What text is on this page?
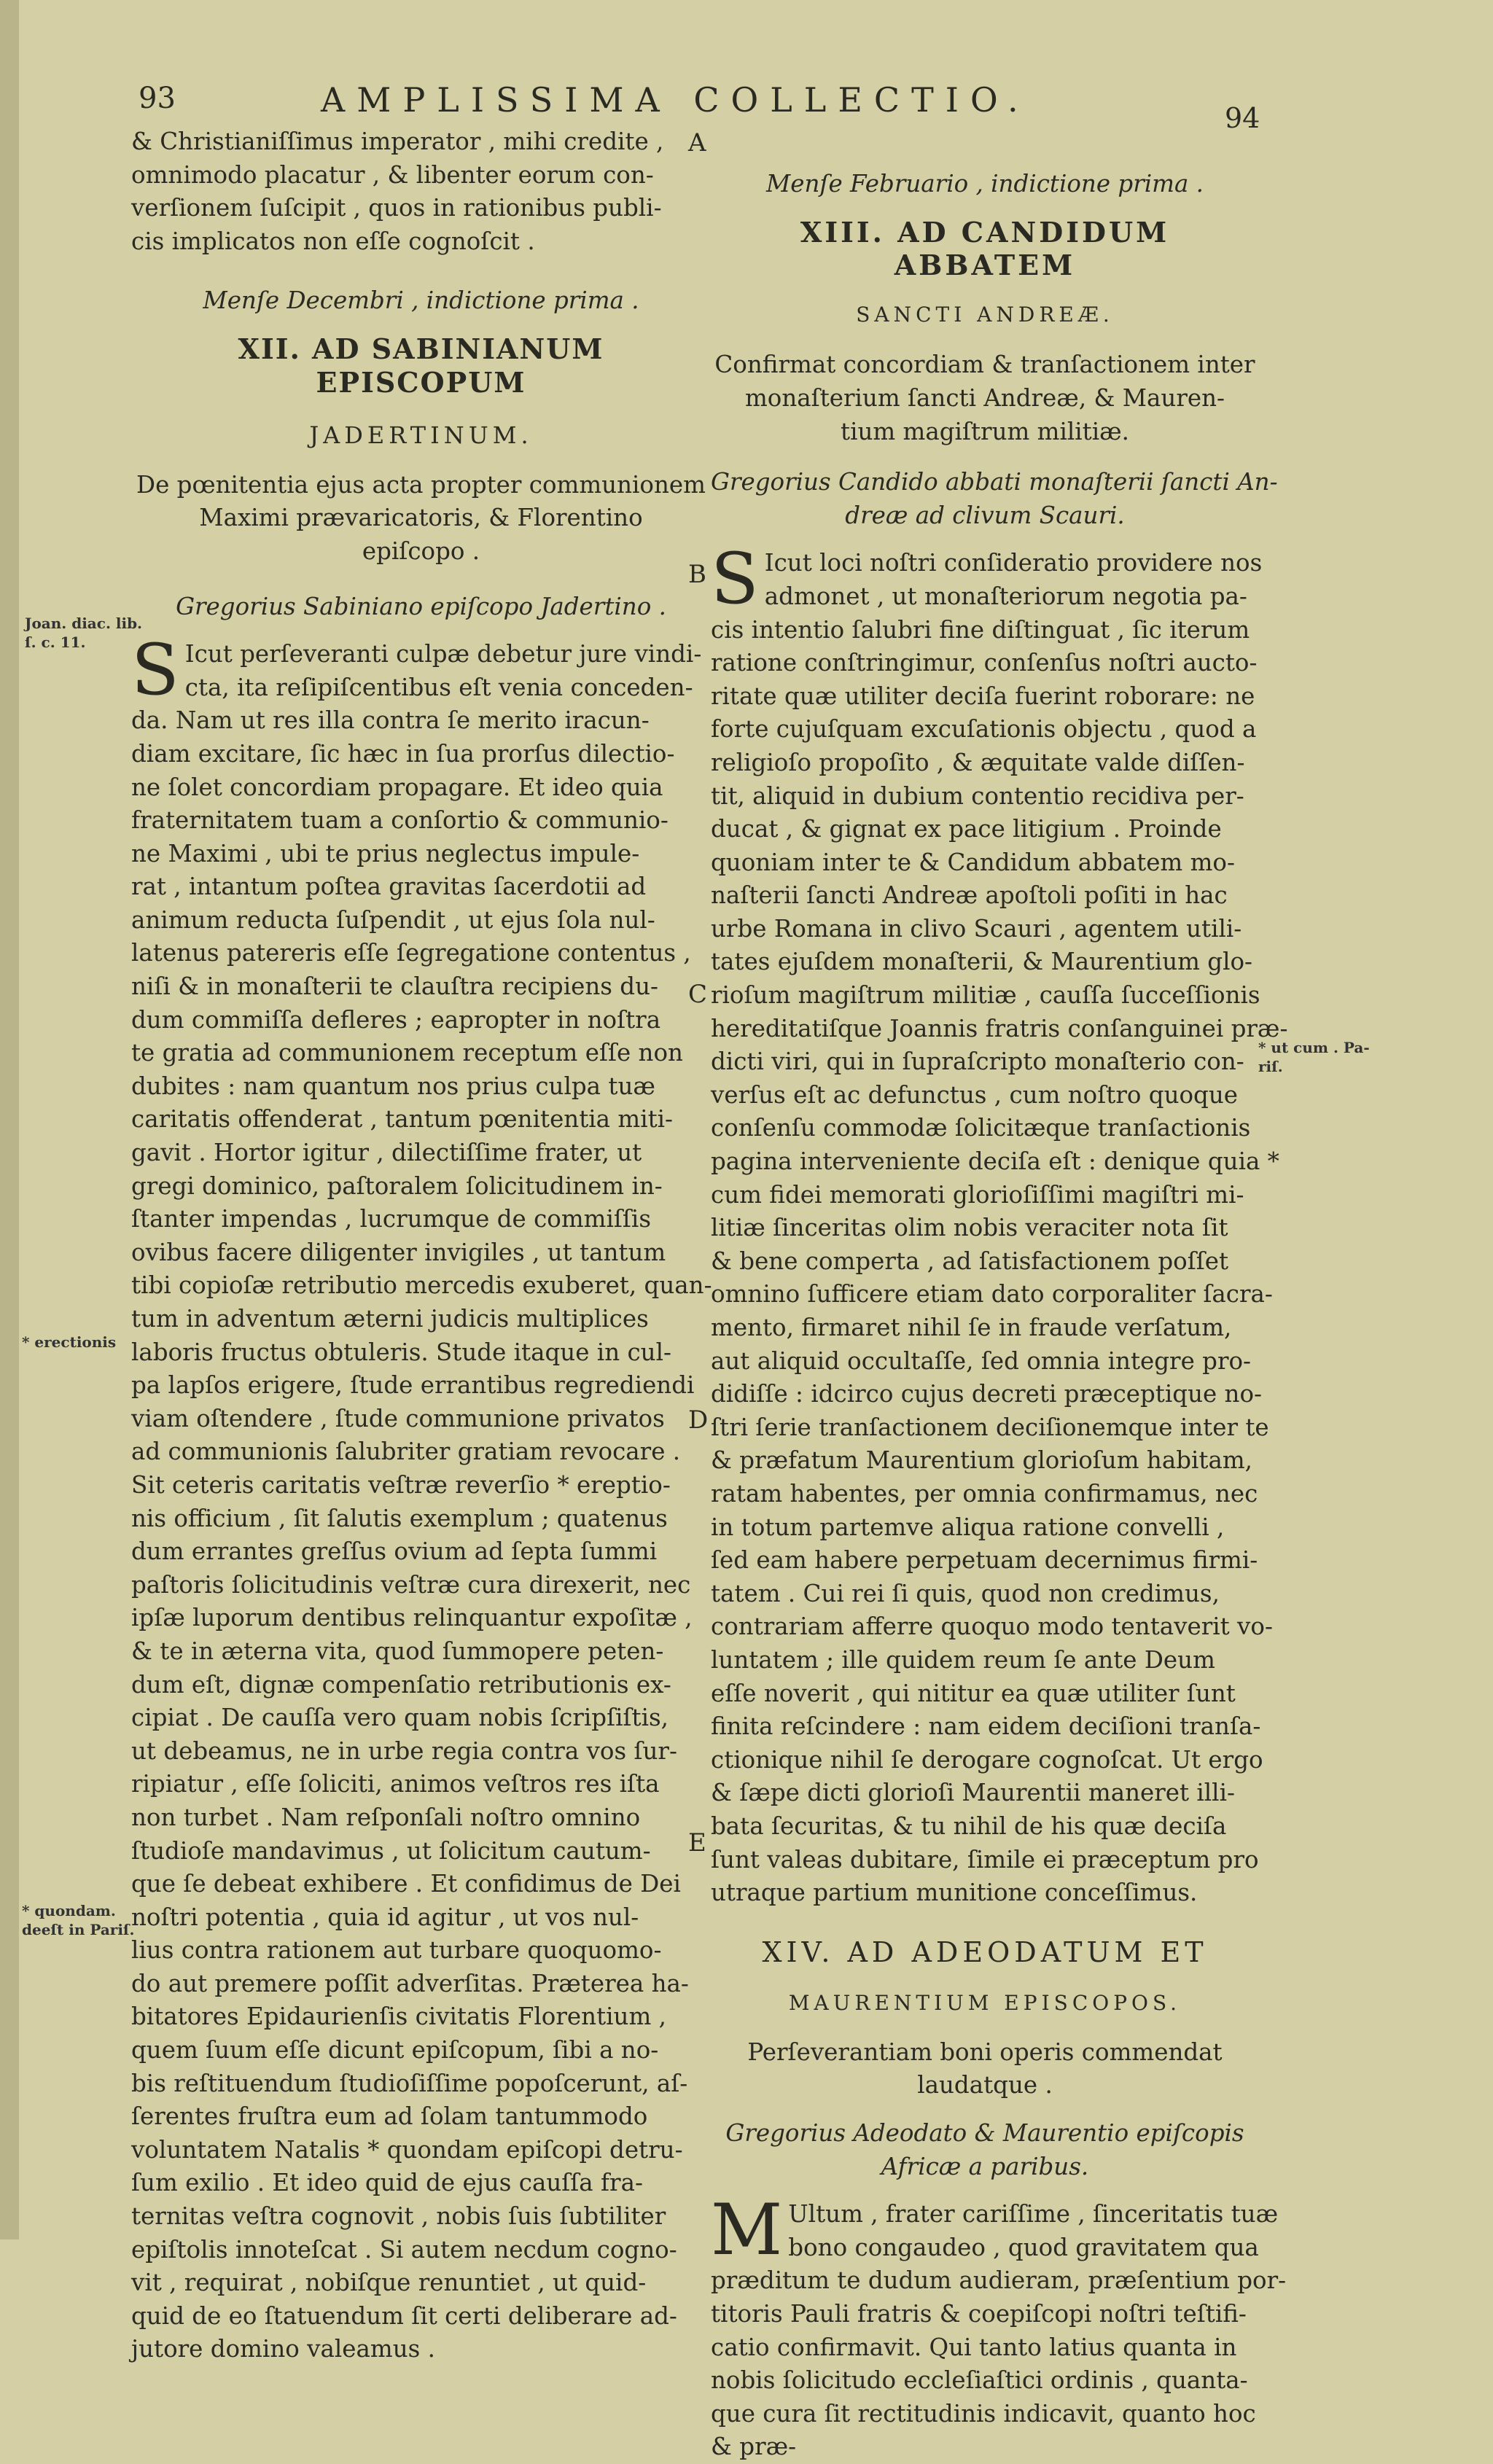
93	AMPLISSIMA COLLECTIO.	94
& Christianiſſimus imperator , mihi credite ,
omnimodo placatur , & libenter eorum con-
verſionem ſuſcipit , quos in rationibus publi-
cis implicatos non eſſe cognoſcit .

Menſe Decembri , indictione prima .

XII. AD SABINIANUM EPISCOPUM

JADERTINUM.

De pœnitentia ejus acta propter communionem
Maximi prævaricatoris, & Florentino
epiſcopo .

Gregorius Sabiniano epiſcopo Jadertino .

S Icut perſeveranti culpæ debetur jure vindi-
cta, ita reſipiſcentibus eſt venia conceden-
da. Nam ut res illa contra ſe merito iracun-
diam excitare, ſic hæc in ſua prorſus dilectio-
ne ſolet concordiam propagare. Et ideo quia
fraternitatem tuam a conſortio & communio-
ne Maximi , ubi te prius neglectus impule-
rat , intantum poſtea gravitas ſacerdotii ad
animum reducta ſuſpendit , ut ejus ſola nul-
latenus patereris eſſe ſegregatione contentus ,
niſi & in monaſterii te clauſtra recipiens du-
dum commiſſa defleres ; eapropter in noſtra
te gratia ad communionem receptum eſſe non
dubites : nam quantum nos prius culpa tuæ
caritatis offenderat , tantum pœnitentia miti-
gavit . Hortor igitur , dilectiſſime frater, ut
gregi dominico, paſtoralem ſolicitudinem in-
ſtanter impendas , lucrumque de commiſſis
ovibus facere diligenter invigiles , ut tantum
tibi copioſæ retributio mercedis exuberet, quan-
tum in adventum æterni judicis multiplices
laboris fructus obtuleris. Stude itaque in cul-
pa lapſos erigere, ſtude errantibus regrediendi
viam oſtendere , ſtude communione privatos
ad communionis ſalubriter gratiam revocare .
Sit ceteris caritatis veſtræ reverſio * ereptio-
nis officium , ſit ſalutis exemplum ; quatenus
dum errantes greſſus ovium ad ſepta ſummi
paſtoris ſolicitudinis veſtræ cura direxerit, nec
ipſæ luporum dentibus relinquantur expoſitæ ,
& te in æterna vita, quod ſummopere peten-
dum eſt, dignæ compenſatio retributionis ex-
cipiat . De cauſſa vero quam nobis ſcripſiſtis,
ut debeamus, ne in urbe regia contra vos ſur-
ripiatur , eſſe ſoliciti, animos veſtros res iſta
non turbet . Nam reſponſali noſtro omnino
ſtudioſe mandavimus , ut ſolicitum cautum-
que ſe debeat exhibere . Et confidimus de Dei
noſtri potentia , quia id agitur , ut vos nul-
lius contra rationem aut turbare quoquomo-
do aut premere poſſit adverſitas. Præterea ha-
bitatores Epidaurienſis civitatis Florentium ,
quem ſuum eſſe dicunt epiſcopum, ſibi a no-
bis reſtituendum ſtudioſiſſime popoſcerunt, aſ-
ſerentes fruſtra eum ad ſolam tantummodo
voluntatem Natalis * quondam epiſcopi detru-
ſum exilio . Et ideo quid de ejus cauſſa fra-
ternitas veſtra cognovit , nobis ſuis ſubtiliter
epiſtolis innoteſcat . Si autem necdum cogno-
vit , requirat , nobiſque renuntiet , ut quid-
quid de eo ſtatuendum ſit certi deliberare ad-
jutore domino valeamus .

Menſe Februario , indictione prima .

XIII. AD CANDIDUM ABBATEM

SANCTI ANDREÆ.

Confirmat concordiam & tranſactionem inter
monaſterium ſancti Andreæ, & Mauren-
tium magiſtrum militiæ.
Gregorius Candido abbati monaſterii ſancti An-
dreæ ad clivum Scauri.
S Icut loci noſtri conſideratio providere nos
admonet , ut monaſteriorum negotia pa-
cis intentio ſalubri fine diſtinguat , ſic iterum
ratione conſtringimur, conſenſus noſtri aucto-
ritate quæ utiliter deciſa fuerint roborare: ne
forte cujuſquam excuſationis objectu , quod a
religioſo propoſito , & æquitate valde diſſen-
tit, aliquid in dubium contentio recidiva per-
ducat , & gignat ex pace litigium . Proinde
quoniam inter te & Candidum abbatem mo-
naſterii ſancti Andreæ apoſtoli poſiti in hac
urbe Romana in clivo Scauri , agentem utili-
tates ejuſdem monaſterii, & Maurentium glo-
rioſum magiſtrum militiæ , cauſſa ſucceſſionis
hereditatiſque Joannis fratris conſanguinei præ-
dicti viri, qui in ſupraſcripto monaſterio con-
verſus eſt ac defunctus , cum noſtro quoque
conſenſu commodæ ſolicitæque tranſactionis
pagina interveniente deciſa eſt : denique quia *
cum fidei memorati glorioſiſſimi magiſtri mi-
litiæ ſinceritas olim nobis veraciter nota ſit
& bene comperta , ad ſatisfactionem poſſet
omnino ſufficere etiam dato corporaliter ſacra-
mento, firmaret nihil ſe in fraude verſatum,
aut aliquid occultaſſe, ſed omnia integre pro-
didiſſe : idcirco cujus decreti præceptique no-
ſtri ſerie tranſactionem deciſionemque inter te
& præfatum Maurentium glorioſum habitam,
ratam habentes, per omnia confirmamus, nec
in totum partemve aliqua ratione convelli ,
ſed eam habere perpetuam decernimus firmi-
tatem . Cui rei ſi quis, quod non credimus,
contrariam afferre quoquo modo tentaverit vo-
luntatem ; ille quidem reum ſe ante Deum
eſſe noverit , qui nititur ea quæ utiliter ſunt
finita reſcindere : nam eidem deciſioni tranſa-
ctionique nihil ſe derogare cognoſcat. Ut ergo
& ſæpe dicti glorioſi Maurentii maneret illi-
bata ſecuritas, & tu nihil de his quæ deciſa
ſunt valeas dubitare, ſimile ei præceptum pro
utraque partium munitione conceſſimus.

XIV. AD ADEODATUM ET

MAURENTIUM EPISCOPOS.

Perſeverantiam boni operis commendat
laudatque .
Gregorius Adeodato & Maurentio epiſcopis
Africæ a paribus.
M Ultum , frater cariſſime , ſinceritatis tuæ
bono congaudeo , quod gravitatem qua
præditum te dudum audieram, præſentium por-
titoris Pauli fratris & coepiſcopi noſtri teſtifi-
catio confirmavit. Qui tanto latius quanta in
nobis ſolicitudo eccleſiaſtici ordinis , quanta-
que cura ſit rectitudinis indicavit, quanto hoc
& præ-
Joan. diac. lib.
ſ. c. 11.
* erectionis
* quondam.
deeſt in Pariſ.
* ut cum . Pa-
riſ.
A
B
C
D
E
